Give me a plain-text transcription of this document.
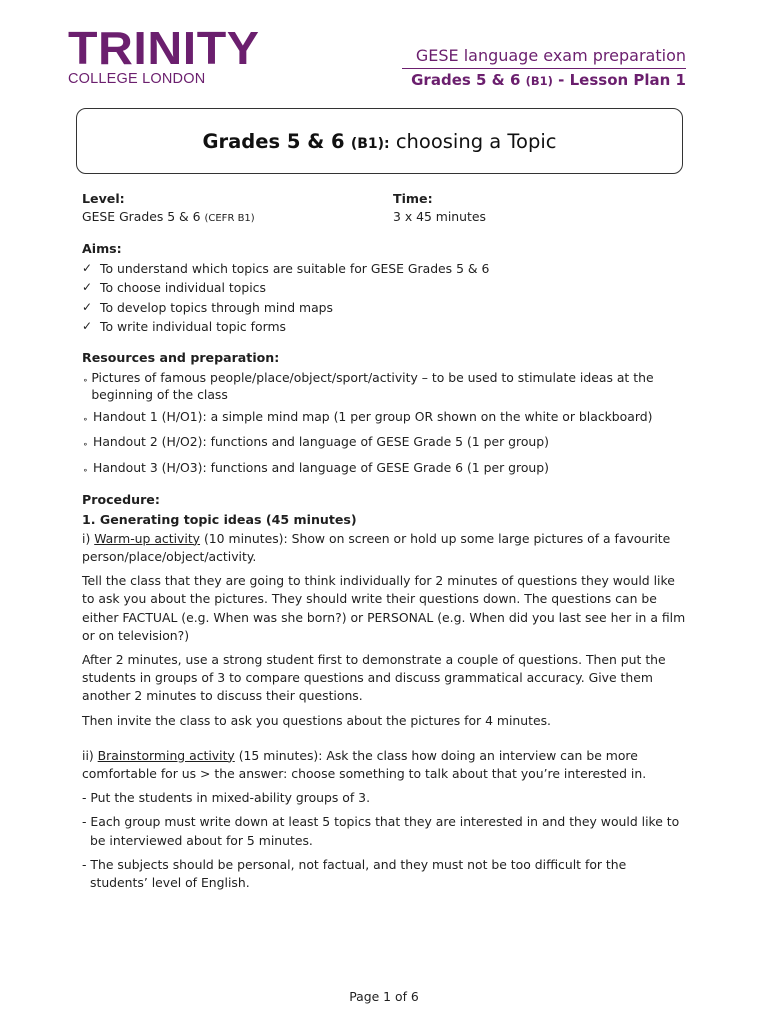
TRINITY
COLLEGE LONDON
GESE language exam preparation
Grades 5 & 6 (B1) - Lesson Plan 1
Grades 5 & 6 (B1): choosing a Topic
Level:
GESE Grades 5 & 6 (CEFR B1)
Time:
3 x 45 minutes
Aims:
✓ To understand which topics are suitable for GESE Grades 5 & 6
✓ To choose individual topics
✓ To develop topics through mind maps
✓ To write individual topic forms
Resources and preparation:
⚬ Pictures of famous people/place/object/sport/activity – to be used to stimulate ideas at the beginning of the class
⚬ Handout 1 (H/O1): a simple mind map (1 per group OR shown on the white or blackboard)
⚬ Handout 2 (H/O2): functions and language of GESE Grade 5 (1 per group)
⚬ Handout 3 (H/O3): functions and language of GESE Grade 6 (1 per group)
Procedure:
1. Generating topic ideas (45 minutes)
i) Warm-up activity (10 minutes): Show on screen or hold up some large pictures of a favourite person/place/object/activity.
Tell the class that they are going to think individually for 2 minutes of questions they would like to ask you about the pictures. They should write their questions down. The questions can be either FACTUAL (e.g. When was she born?) or PERSONAL (e.g. When did you last see her in a film or on television?)
After 2 minutes, use a strong student first to demonstrate a couple of questions. Then put the students in groups of 3 to compare questions and discuss grammatical accuracy. Give them another 2 minutes to discuss their questions.
Then invite the class to ask you questions about the pictures for 4 minutes.
ii) Brainstorming activity (15 minutes): Ask the class how doing an interview can be more comfortable for us > the answer: choose something to talk about that you’re interested in.
- Put the students in mixed-ability groups of 3.
- Each group must write down at least 5 topics that they are interested in and they would like to be interviewed about for 5 minutes.
- The subjects should be personal, not factual, and they must not be too difficult for the students’ level of English.
Page 1 of 6
